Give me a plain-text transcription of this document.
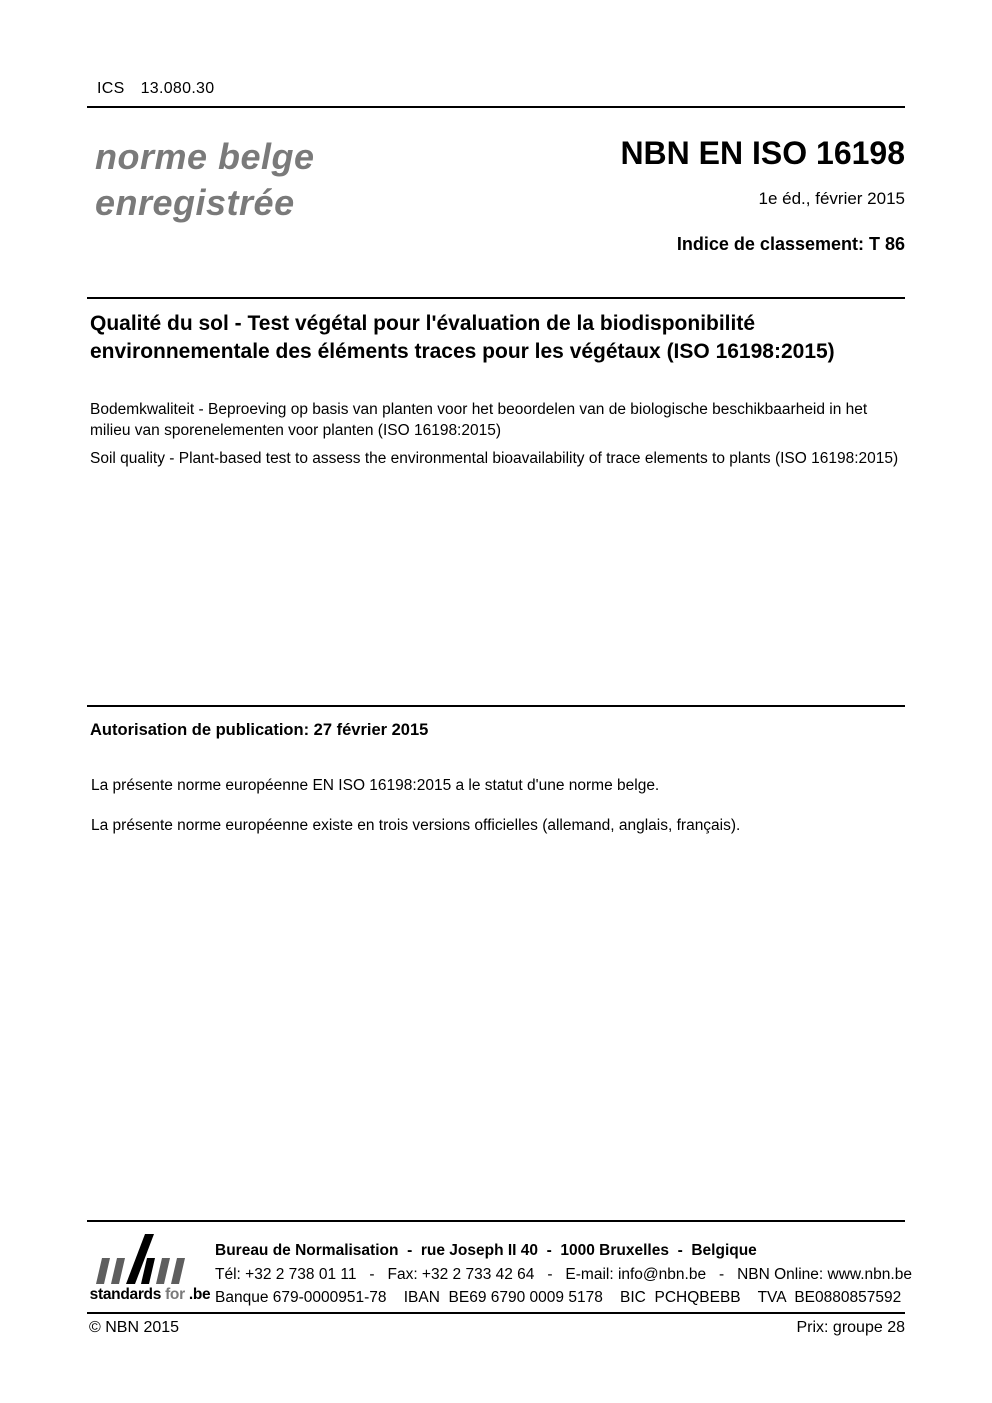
ICS 13.080.30
norme belge
enregistrée
NBN EN ISO 16198
1e éd., février 2015
Indice de classement: T 86
Qualité du sol - Test végétal pour l'évaluation de la biodisponibilité environnementale des éléments traces pour les végétaux (ISO 16198:2015)
Bodemkwaliteit - Beproeving op basis van planten voor het beoordelen van de biologische beschikbaarheid in het milieu van sporenelementen voor planten (ISO 16198:2015)
Soil quality - Plant-based test to assess the environmental bioavailability of trace elements to plants (ISO 16198:2015)
Autorisation de publication: 27 février 2015
La présente norme européenne EN ISO 16198:2015 a le statut d'une norme belge.
La présente norme européenne existe en trois versions officielles (allemand, anglais, français).
standards for .be
Bureau de Normalisation  -  rue Joseph II 40  -  1000 Bruxelles  -  Belgique
Tél: +32 2 738 01 11   -   Fax: +32 2 733 42 64   -   E-mail: info@nbn.be   -   NBN Online: www.nbn.be
Banque 679-0000951-78    IBAN  BE69 6790 0009 5178    BIC  PCHQBEBB    TVA  BE0880857592
© NBN 2015	Prix: groupe 28
